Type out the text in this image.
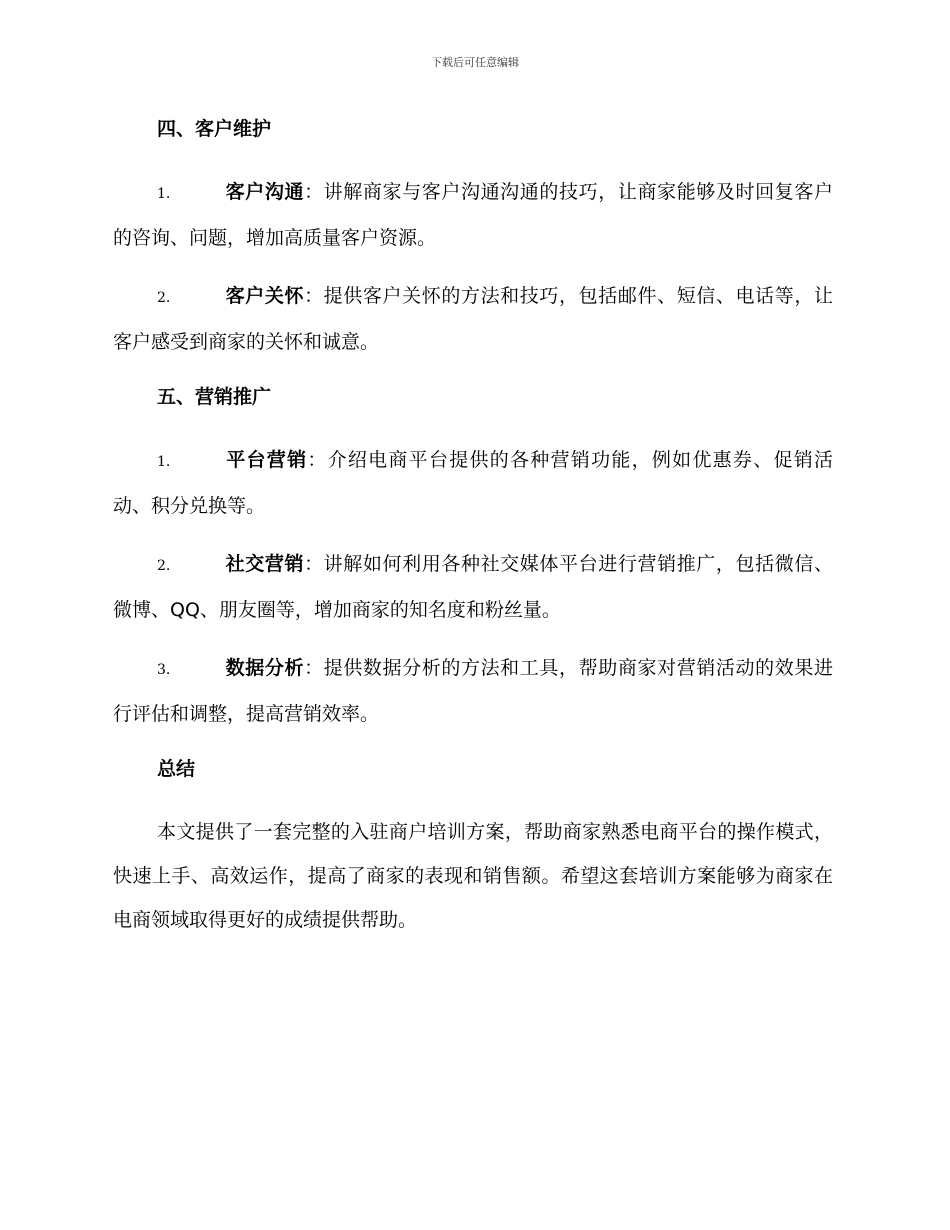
下载后可任意编辑
四、客户维护

1.	客户沟通：讲解商家与客户沟通沟通的技巧，让商家能够及时回复客户的咨询、问题，增加高质量客户资源。

2.	客户关怀：提供客户关怀的方法和技巧，包括邮件、短信、电话等，让客户感受到商家的关怀和诚意。

五、营销推广

1.	平台营销：介绍电商平台提供的各种营销功能，例如优惠券、促销活动、积分兑换等。

2.	社交营销：讲解如何利用各种社交媒体平台进行营销推广，包括微信、微博、QQ、朋友圈等，增加商家的知名度和粉丝量。

3.	数据分析：提供数据分析的方法和工具，帮助商家对营销活动的效果进行评估和调整，提高营销效率。

总结

本文提供了一套完整的入驻商户培训方案，帮助商家熟悉电商平台的操作模式，快速上手、高效运作，提高了商家的表现和销售额。希望这套培训方案能够为商家在电商领域取得更好的成绩提供帮助。
